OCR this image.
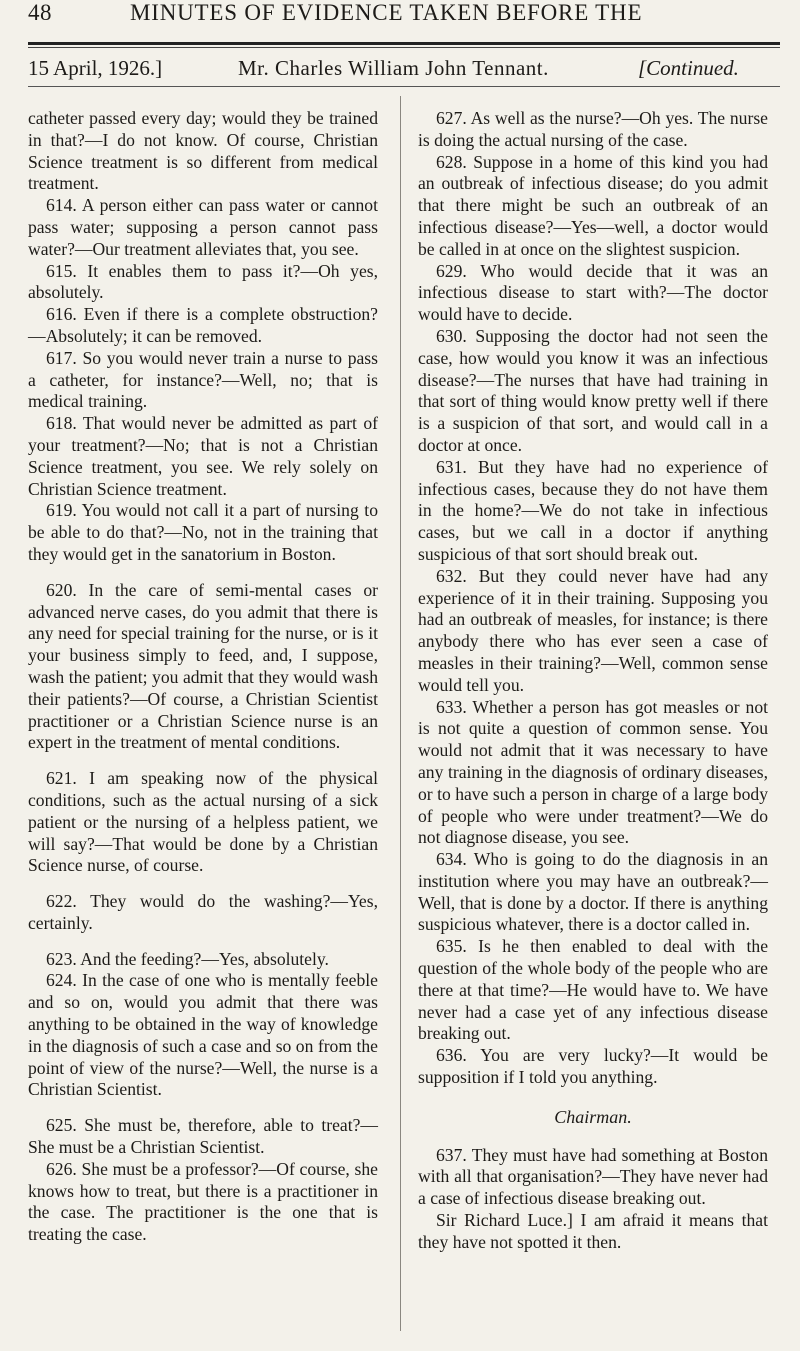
48	MINUTES OF EVIDENCE TAKEN BEFORE THE
15 April, 1926.]	Mr. Charles William John Tennant.	[Continued.

catheter passed every day; would they be trained in that?—I do not know. Of course, Christian Science treatment is so different from medical treatment.

614. A person either can pass water or cannot pass water; supposing a person cannot pass water?—Our treatment alleviates that, you see.

615. It enables them to pass it?—Oh yes, absolutely.

616. Even if there is a complete obstruction?—Absolutely; it can be removed.

617. So you would never train a nurse to pass a catheter, for instance?—Well, no; that is medical training.

618. That would never be admitted as part of your treatment?—No; that is not a Christian Science treatment, you see. We rely solely on Christian Science treatment.

619. You would not call it a part of nursing to be able to do that?—No, not in the training that they would get in the sanatorium in Boston.

620. In the care of semi-mental cases or advanced nerve cases, do you admit that there is any need for special training for the nurse, or is it your business simply to feed, and, I suppose, wash the patient; you admit that they would wash their patients?—Of course, a Christian Scientist practitioner or a Christian Science nurse is an expert in the treatment of mental conditions.

621. I am speaking now of the physical conditions, such as the actual nursing of a sick patient or the nursing of a helpless patient, we will say?—That would be done by a Christian Science nurse, of course.

622. They would do the washing?—Yes, certainly.

623. And the feeding?—Yes, absolutely.

624. In the case of one who is mentally feeble and so on, would you admit that there was anything to be obtained in the way of knowledge in the diagnosis of such a case and so on from the point of view of the nurse?—Well, the nurse is a Christian Scientist.

625. She must be, therefore, able to treat?—She must be a Christian Scientist.

626. She must be a professor?—Of course, she knows how to treat, but there is a practitioner in the case. The practitioner is the one that is treating the case.

627. As well as the nurse?—Oh yes. The nurse is doing the actual nursing of the case.

628. Suppose in a home of this kind you had an outbreak of infectious disease; do you admit that there might be such an outbreak of an infectious disease?—Yes—well, a doctor would be called in at once on the slightest suspicion.

629. Who would decide that it was an infectious disease to start with?—The doctor would have to decide.

630. Supposing the doctor had not seen the case, how would you know it was an infectious disease?—The nurses that have had training in that sort of thing would know pretty well if there is a suspicion of that sort, and would call in a doctor at once.

631. But they have had no experience of infectious cases, because they do not have them in the home?—We do not take in infectious cases, but we call in a doctor if anything suspicious of that sort should break out.

632. But they could never have had any experience of it in their training. Supposing you had an outbreak of measles, for instance; is there anybody there who has ever seen a case of measles in their training?—Well, common sense would tell you.

633. Whether a person has got measles or not is not quite a question of common sense. You would not admit that it was necessary to have any training in the diagnosis of ordinary diseases, or to have such a person in charge of a large body of people who were under treatment?—We do not diagnose disease, you see.

634. Who is going to do the diagnosis in an institution where you may have an outbreak?—Well, that is done by a doctor. If there is anything suspicious whatever, there is a doctor called in.

635. Is he then enabled to deal with the question of the whole body of the people who are there at that time?—He would have to. We have never had a case yet of any infectious disease breaking out.

636. You are very lucky?—It would be supposition if I told you anything.

Chairman.

637. They must have had something at Boston with all that organisation?—They have never had a case of infectious disease breaking out.

Sir Richard Luce.] I am afraid it means that they have not spotted it then.
